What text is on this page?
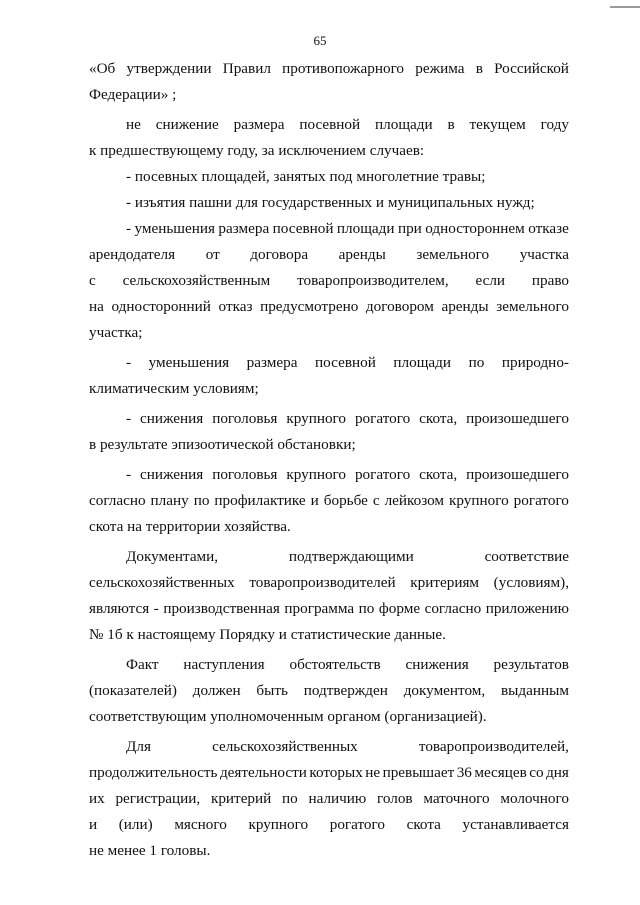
65
«Об утверждении Правил противопожарного режима в Российской
Федерации» ;
не снижение размера посевной площади в текущем году
к предшествующему году, за исключением случаев:
- посевных площадей, занятых под многолетние травы;
- изъятия пашни для государственных и муниципальных нужд;
- уменьшения размера посевной площади при одностороннем отказе
арендодателя от договора аренды земельного участка
с сельскохозяйственным товаропроизводителем, если право
на односторонний отказ предусмотрено договором аренды земельного
участка;
- уменьшения размера посевной площади по природно-
климатическим условиям;
- снижения поголовья крупного рогатого скота, произошедшего
в результате эпизоотической обстановки;
- снижения поголовья крупного рогатого скота, произошедшего
согласно плану по профилактике и борьбе с лейкозом крупного рогатого
скота на территории хозяйства.
Документами,	подтверждающими	соответствие
сельскохозяйственных товаропроизводителей критериям (условиям),
являются - производственная программа по форме согласно приложению
№ 1б к настоящему Порядку и статистические данные.
Факт наступления обстоятельств снижения результатов
(показателей) должен быть подтвержден документом, выданным
соответствующим уполномоченным органом (организацией).
Для	сельскохозяйственных	товаропроизводителей,
продолжительность деятельности которых не превышает 36 месяцев со дня
их регистрации, критерий по наличию голов маточного молочного
и (или) мясного крупного рогатого скота устанавливается
не менее 1 головы.
